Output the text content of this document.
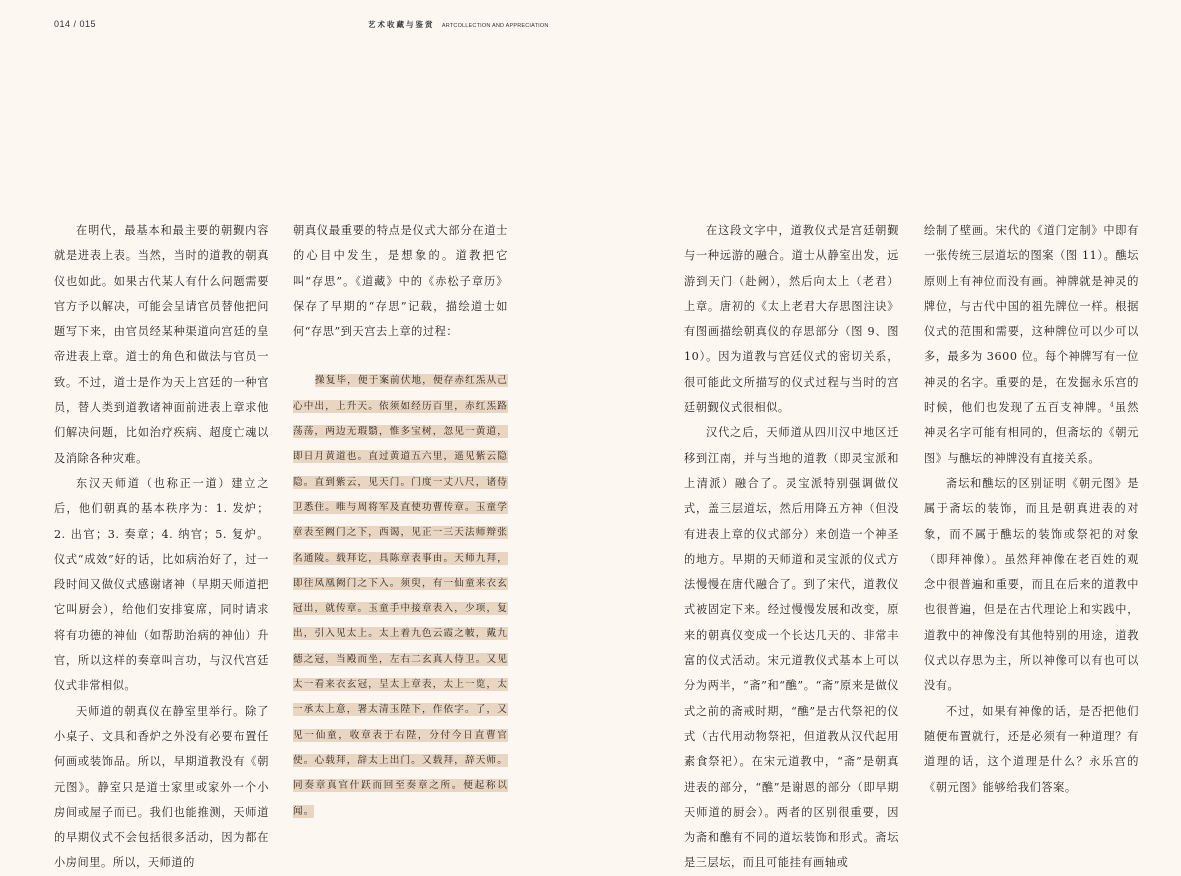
014 / 015	艺术收藏与鉴赏 ARTCOLLECTION AND APPRECIATION

在明代，最基本和最主要的朝觐内容就是进表上表。当然，当时的道教的朝真仪也如此。如果古代某人有什么问题需要官方予以解决，可能会呈请官员替他把问题写下来，由官员经某种渠道向宫廷的皇帝进表上章。道士的角色和做法与官员一致。不过，道士是作为天上宫廷的一种官员，替人类到道教诸神面前进表上章求他们解决问题，比如治疗疾病、超度亡魂以及消除各种灾难。

东汉天师道（也称正一道）建立之后，他们朝真的基本秩序为：1. 发炉；2. 出官；3. 奏章；4. 纳官；5. 复炉。仪式“成效”好的话，比如病治好了，过一段时间又做仪式感谢诸神（早期天师道把它叫厨会），给他们安排宴席，同时请求将有功德的神仙（如帮助治病的神仙）升官，所以这样的奏章叫言功，与汉代宫廷仪式非常相似。

天师道的朝真仪在静室里举行。除了小桌子、文具和香炉之外没有必要布置任何画或装饰品。所以，早期道教没有《朝元图》。静室只是道士家里或家外一个小房间或屋子而已。我们也能推测，天师道的早期仪式不会包括很多活动，因为都在小房间里。所以，天师道的

朝真仪最重要的特点是仪式大部分在道士的心目中发生，是想象的。道教把它叫“存思”。《道藏》中的《赤松子章历》保存了早期的“存思”记载，描绘道士如何“存思”到天宫去上章的过程：

操复毕，便于案前伏地，便存赤红炁从己心中出，上升天。依须如经历百里，赤红炁路荡荡，两边无瑕翳，惟多宝树，忽见一黄道，即日月黄道也。直过黄道五六里，遥见紫云隐隐。直到紫云，见天门。门度一丈八尺，诸侍卫悉住。唯与周将军及直使功曹传章。玉童学章表至阙门之下，西谒，见正一三天法师辩张名通陵。载拜讫，具陈章表事由。天师九拜，即往凤凰阙门之下入。须臾，有一仙童来衣玄冠出，就传章。玉童手中接章表入，少项，复出，引入见太上。太上着九色云霞之帔，戴九德之冠，当殿而坐，左右二玄真人侍卫。又见太一看来衣玄冠，呈太上章表，太上一览，太一承太上意，署太清玉陛下，作依字。了，又见一仙童，收章表于右陛，分付今日直曹官使。心载拜，辞太上出门。又载拜，辞天师。同奏章真官什跃而回至奏章之所。便起称以闻。

在这段文字中，道教仪式是宫廷朝觐与一种远游的融合。道士从静室出发，远游到天门（赴阙），然后向太上（老君）上章。唐初的《太上老君大存思图注诀》有图画描绘朝真仪的存思部分（图 9、图 10）。因为道教与宫廷仪式的密切关系，很可能此文所描写的仪式过程与当时的宫廷朝觐仪式很相似。

汉代之后，天师道从四川汉中地区迁移到江南，并与当地的道教（即灵宝派和上清派）融合了。灵宝派特别强调做仪式，盖三层道坛，然后用降五方神（但没有进表上章的仪式部分）来创造一个神圣的地方。早期的天师道和灵宝派的仪式方法慢慢在唐代融合了。到了宋代，道教仪式被固定下来。经过慢慢发展和改变，原来的朝真仪变成一个长达几天的、非常丰富的仪式活动。宋元道教仪式基本上可以分为两半，“斋”和“醮”。“斋”原来是做仪式之前的斋戒时期，“醮”是古代祭祀的仪式（古代用动物祭祀，但道教从汉代起用素食祭祀）。在宋元道教中，“斋”是朝真进表的部分，“醮”是谢恩的部分（即早期天师道的厨会）。两者的区别很重要，因为斋和醮有不同的道坛装饰和形式。斋坛是三层坛，而且可能挂有画轴或

绘制了壁画。宋代的《道门定制》中即有一张传统三层道坛的图案（图 11）。醮坛原则上有神位而没有画。神牌就是神灵的牌位，与古代中国的祖先牌位一样。根据仪式的范围和需要，这种牌位可以少可以多，最多为 3600 位。每个神牌写有一位神灵的名字。重要的是，在发掘永乐宫的时候，他们也发现了五百支神牌。$^4$虽然神灵名字可能有相同的，但斋坛的《朝元图》与醮坛的神牌没有直接关系。

斋坛和醮坛的区别证明《朝元图》是属于斋坛的装饰，而且是朝真进表的对象，而不属于醮坛的装饰或祭祀的对象（即拜神像）。虽然拜神像在老百姓的观念中很普遍和重要，而且在后来的道教中也很普遍，但是在古代理论上和实践中，道教中的神像没有其他特别的用途，道教仪式以存思为主，所以神像可以有也可以没有。

不过，如果有神像的话，是否把他们随便布置就行，还是必须有一种道理？有道理的话，这个道理是什么？永乐宫的《朝元图》能够给我们答案。
